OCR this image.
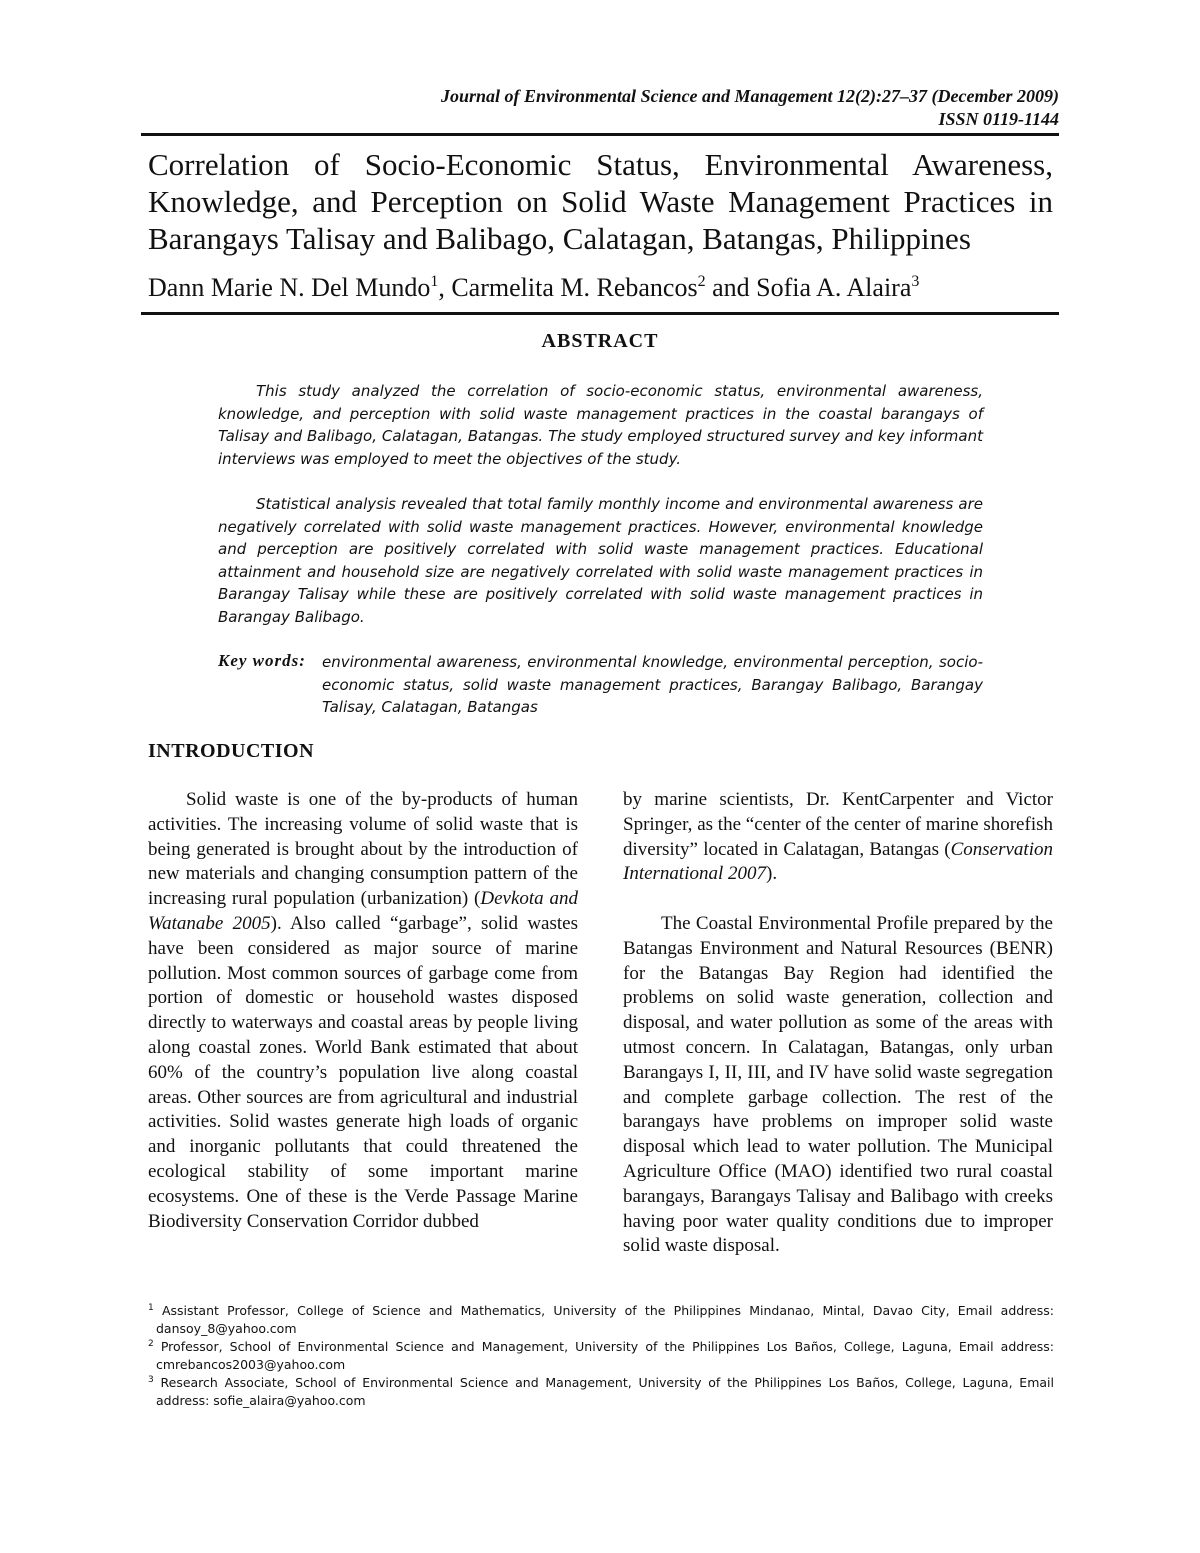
Journal of Environmental Science and Management 12(2):27–37 (December 2009)
ISSN 0119-1144
Correlation of Socio-Economic Status, Environmental Awareness, Knowledge, and Perception on Solid Waste Management Practices in Barangays Talisay and Balibago, Calatagan, Batangas, Philippines
Dann Marie N. Del Mundo$^1$, Carmelita M. Rebancos$^2$ and Sofia A. Alaira$^3$
ABSTRACT

This study analyzed the correlation of socio-economic status, environmental awareness, knowledge, and perception with solid waste management practices in the coastal barangays of Talisay and Balibago, Calatagan, Batangas. The study employed structured survey and key informant interviews was employed to meet the objectives of the study.

Statistical analysis revealed that total family monthly income and environmental awareness are negatively correlated with solid waste management practices. However, environmental knowledge and perception are positively correlated with solid waste management practices. Educational attainment and household size are negatively correlated with solid waste management practices in Barangay Talisay while these are positively correlated with solid waste management practices in Barangay Balibago.

Key words: environmental awareness, environmental knowledge, environmental perception, socio-economic status, solid waste management practices, Barangay Balibago, Barangay Talisay, Calatagan, Batangas
INTRODUCTION

Solid waste is one of the by-products of human activities. The increasing volume of solid waste that is being generated is brought about by the introduction of new materials and changing consumption pattern of the increasing rural population (urbanization) (Devkota and Watanabe 2005). Also called “garbage”, solid wastes have been considered as major source of marine pollution. Most common sources of garbage come from portion of domestic or household wastes disposed directly to waterways and coastal areas by people living along coastal zones. World Bank estimated that about 60% of the country’s population live along coastal areas. Other sources are from agricultural and industrial activities. Solid wastes generate high loads of organic and inorganic pollutants that could threatened the ecological stability of some important marine ecosystems. One of these is the Verde Passage Marine Biodiversity Conservation Corridor dubbed

by marine scientists, Dr. KentCarpenter and Victor Springer, as the “center of the center of marine shorefish diversity” located in Calatagan, Batangas (Conservation International 2007).

The Coastal Environmental Profile prepared by the Batangas Environment and Natural Resources (BENR) for the Batangas Bay Region had identified the problems on solid waste generation, collection and disposal, and water pollution as some of the areas with utmost concern. In Calatagan, Batangas, only urban Barangays I, II, III, and IV have solid waste segregation and complete garbage collection. The rest of the barangays have problems on improper solid waste disposal which lead to water pollution. The Municipal Agriculture Office (MAO) identified two rural coastal barangays, Barangays Talisay and Balibago with creeks having poor water quality conditions due to improper solid waste disposal.

$^1$ Assistant Professor, College of Science and Mathematics, University of the Philippines Mindanao, Mintal, Davao City, Email address: dansoy_8@yahoo.com

$^2$ Professor, School of Environmental Science and Management, University of the Philippines Los Baños, College, Laguna, Email address: cmrebancos2003@yahoo.com

$^3$ Research Associate, School of Environmental Science and Management, University of the Philippines Los Baños, College, Laguna, Email address: sofie_alaira@yahoo.com
